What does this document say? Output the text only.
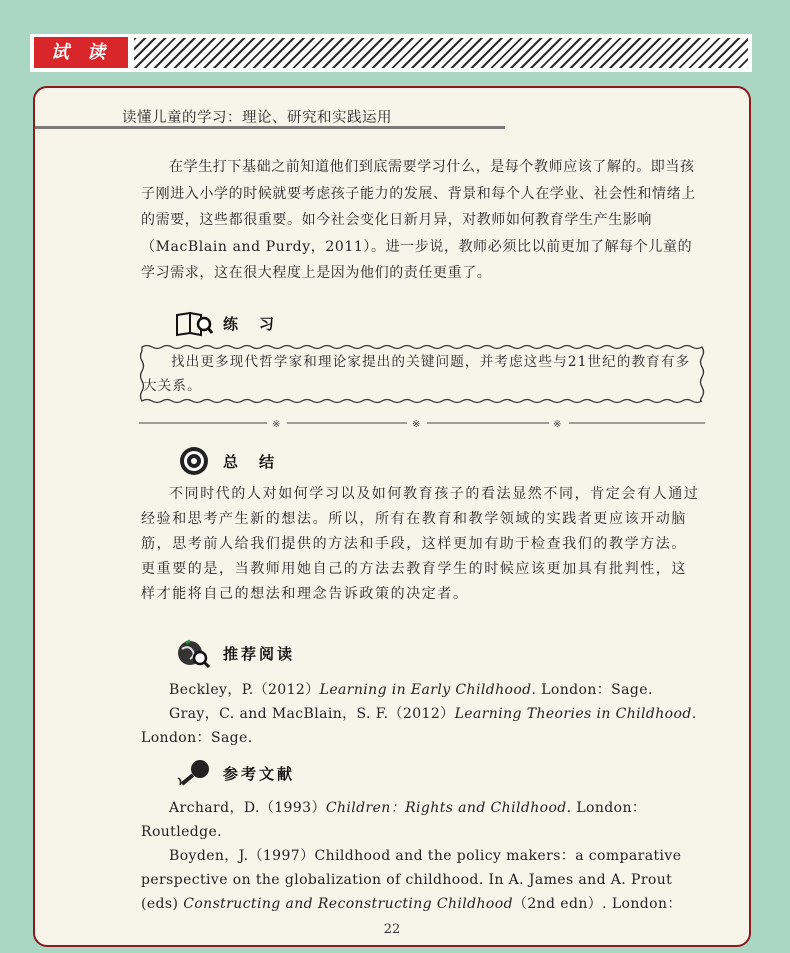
试 读
读懂儿童的学习：理论、研究和实践运用
在学生打下基础之前知道他们到底需要学习什么，是每个教师应该了解的。即当孩子刚进入小学的时候就要考虑孩子能力的发展、背景和每个人在学业、社会性和情绪上的需要，这些都很重要。如今社会变化日新月异，对教师如何教育学生产生影响（MacBlain and Purdy，2011）。进一步说，教师必须比以前更加了解每个儿童的学习需求，这在很大程度上是因为他们的责任更重了。
练　习
找出更多现代哲学家和理论家提出的关键问题，并考虑这些与21世纪的教育有多大关系。
※	※	※
总　结
不同时代的人对如何学习以及如何教育孩子的看法显然不同，肯定会有人通过经验和思考产生新的想法。所以，所有在教育和教学领域的实践者更应该开动脑筋，思考前人给我们提供的方法和手段，这样更加有助于检查我们的教学方法。更重要的是，当教师用她自己的方法去教育学生的时候应该更加具有批判性，这样才能将自己的想法和理念告诉政策的决定者。
推荐阅读
Beckley，P.（2012）Learning in Early Childhood. London：Sage.
Gray，C. and MacBlain，S. F.（2012）Learning Theories in Childhood. London：Sage.
参考文献
Archard，D.（1993）Children：Rights and Childhood. London：Routledge.
Boyden，J.（1997）Childhood and the policy makers：a comparative perspective on the globalization of childhood. In A. James and A. Prout (eds) Constructing and Reconstructing Childhood（2nd edn）. London：
22
